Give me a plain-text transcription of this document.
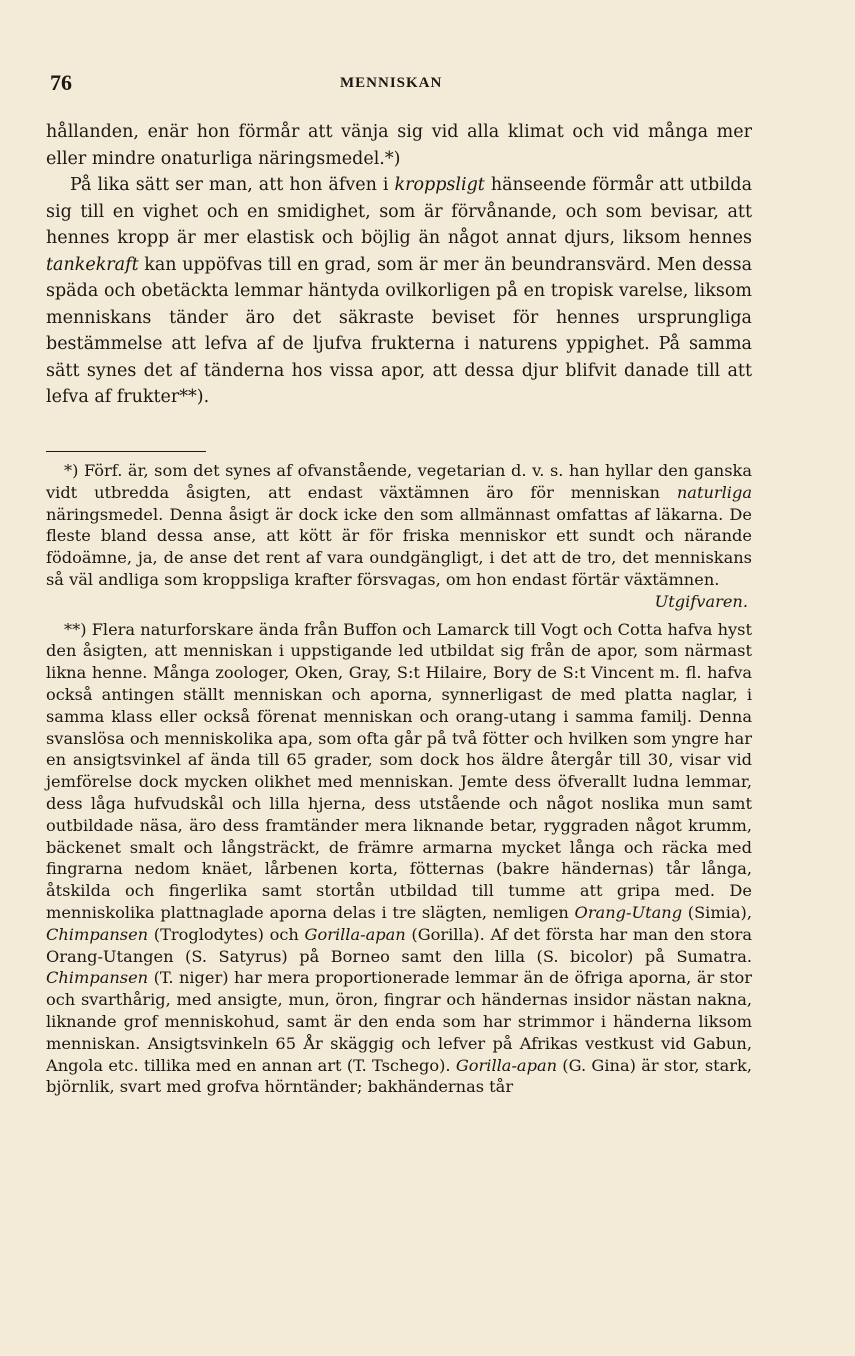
76	MENNISKAN

hållanden, enär hon förmår att vänja sig vid alla klimat och vid många mer eller mindre onaturliga näringsmedel.*)

På lika sätt ser man, att hon äfven i kroppsligt hänseende förmår att utbilda sig till en vighet och en smidighet, som är förvånande, och som bevisar, att hennes kropp är mer elastisk och böjlig än något annat djurs, liksom hennes tankekraft kan uppöfvas till en grad, som är mer än beundransvärd. Men dessa späda och obetäckta lemmar häntyda ovilkorligen på en tropisk varelse, liksom menniskans tänder äro det säkraste beviset för hennes ursprungliga bestämmelse att lefva af de ljufva frukterna i naturens yppighet. På samma sätt synes det af tänderna hos vissa apor, att dessa djur blifvit danade till att lefva af frukter**).

*) Förf. är, som det synes af ofvanstående, vegetarian d. v. s. han hyllar den ganska vidt utbredda åsigten, att endast växtämnen äro för menniskan naturliga näringsmedel. Denna åsigt är dock icke den som allmännast omfattas af läkarna. De fleste bland dessa anse, att kött är för friska menniskor ett sundt och närande födoämne, ja, de anse det rent af vara oundgängligt, i det att de tro, det menniskans så väl andliga som kroppsliga krafter försvagas, om hon endast förtär växtämnen.

Utgifvaren.

**) Flera naturforskare ända från Buffon och Lamarck till Vogt och Cotta hafva hyst den åsigten, att menniskan i uppstigande led utbildat sig från de apor, som närmast likna henne. Många zoologer, Oken, Gray, S:t Hilaire, Bory de S:t Vincent m. fl. hafva också antingen ställt menniskan och aporna, synnerligast de med platta naglar, i samma klass eller också förenat menniskan och orang-utang i samma familj. Denna svanslösa och menniskolika apa, som ofta går på två fötter och hvilken som yngre har en ansigtsvinkel af ända till 65 grader, som dock hos äldre återgår till 30, visar vid jemförelse dock mycken olikhet med menniskan. Jemte dess öfverallt ludna lemmar, dess låga hufvudskål och lilla hjerna, dess utstående och något noslika mun samt outbildade näsa, äro dess framtänder mera liknande betar, ryggraden något krumm, bäckenet smalt och långsträckt, de främre armarna mycket långa och räcka med fingrarna nedom knäet, lårbenen korta, fötternas (bakre händernas) tår långa, åtskilda och fingerlika samt stortån utbildad till tumme att gripa med. De menniskolika plattnaglade aporna delas i tre slägten, nemligen Orang-Utang (Simia), Chimpansen (Troglodytes) och Gorilla-apan (Gorilla). Af det första har man den stora Orang-Utangen (S. Satyrus) på Borneo samt den lilla (S. bicolor) på Sumatra. Chimpansen (T. niger) har mera proportionerade lemmar än de öfriga aporna, är stor och svarthårig, med ansigte, mun, öron, fingrar och händernas insidor nästan nakna, liknande grof menniskohud, samt är den enda som har strimmor i händerna liksom menniskan. Ansigtsvinkeln 65 År skäggig och lefver på Afrikas vestkust vid Gabun, Angola etc. tillika med en annan art (T. Tschego). Gorilla-apan (G. Gina) är stor, stark, björnlik, svart med grofva hörntänder; bakhändernas tår
